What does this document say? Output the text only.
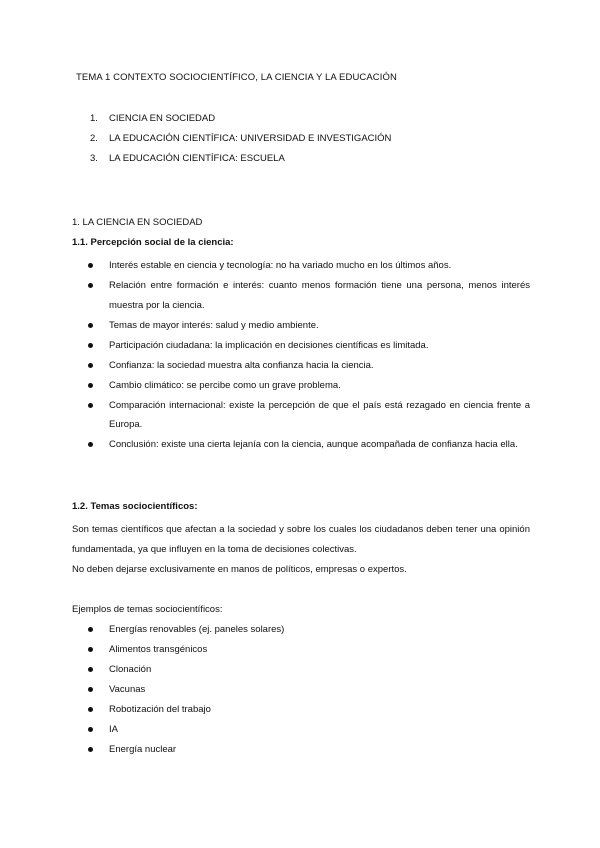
TEMA 1 CONTEXTO SOCIOCIENTÍFICO, LA CIENCIA Y LA EDUCACIÓN
1.	CIENCIA EN SOCIEDAD
2.	LA EDUCACIÓN CIENTÍFICA: UNIVERSIDAD E INVESTIGACIÓN
3.	LA EDUCACIÓN CIENTÍFICA: ESCUELA
1. LA CIENCIA EN SOCIEDAD
1.1. Percepción social de la ciencia:
Interés estable en ciencia y tecnología: no ha variado mucho en los últimos años.
Relación entre formación e interés: cuanto menos formación tiene una persona, menos interés muestra por la ciencia.
Temas de mayor interés: salud y medio ambiente.
Participación ciudadana: la implicación en decisiones científicas es limitada.
Confianza: la sociedad muestra alta confianza hacia la ciencia.
Cambio climático: se percibe como un grave problema.
Comparación internacional: existe la percepción de que el país está rezagado en ciencia frente a Europa.
Conclusión: existe una cierta lejanía con la ciencia, aunque acompañada de confianza hacia ella.
1.2. Temas sociocientíficos:
Son temas científicos que afectan a la sociedad y sobre los cuales los ciudadanos deben tener una opinión fundamentada, ya que influyen en la toma de decisiones colectivas.
No deben dejarse exclusivamente en manos de políticos, empresas o expertos.
Ejemplos de temas sociocientíficos:
Energías renovables (ej. paneles solares)
Alimentos transgénicos
Clonación
Vacunas
Robotización del trabajo
IA
Energía nuclear
